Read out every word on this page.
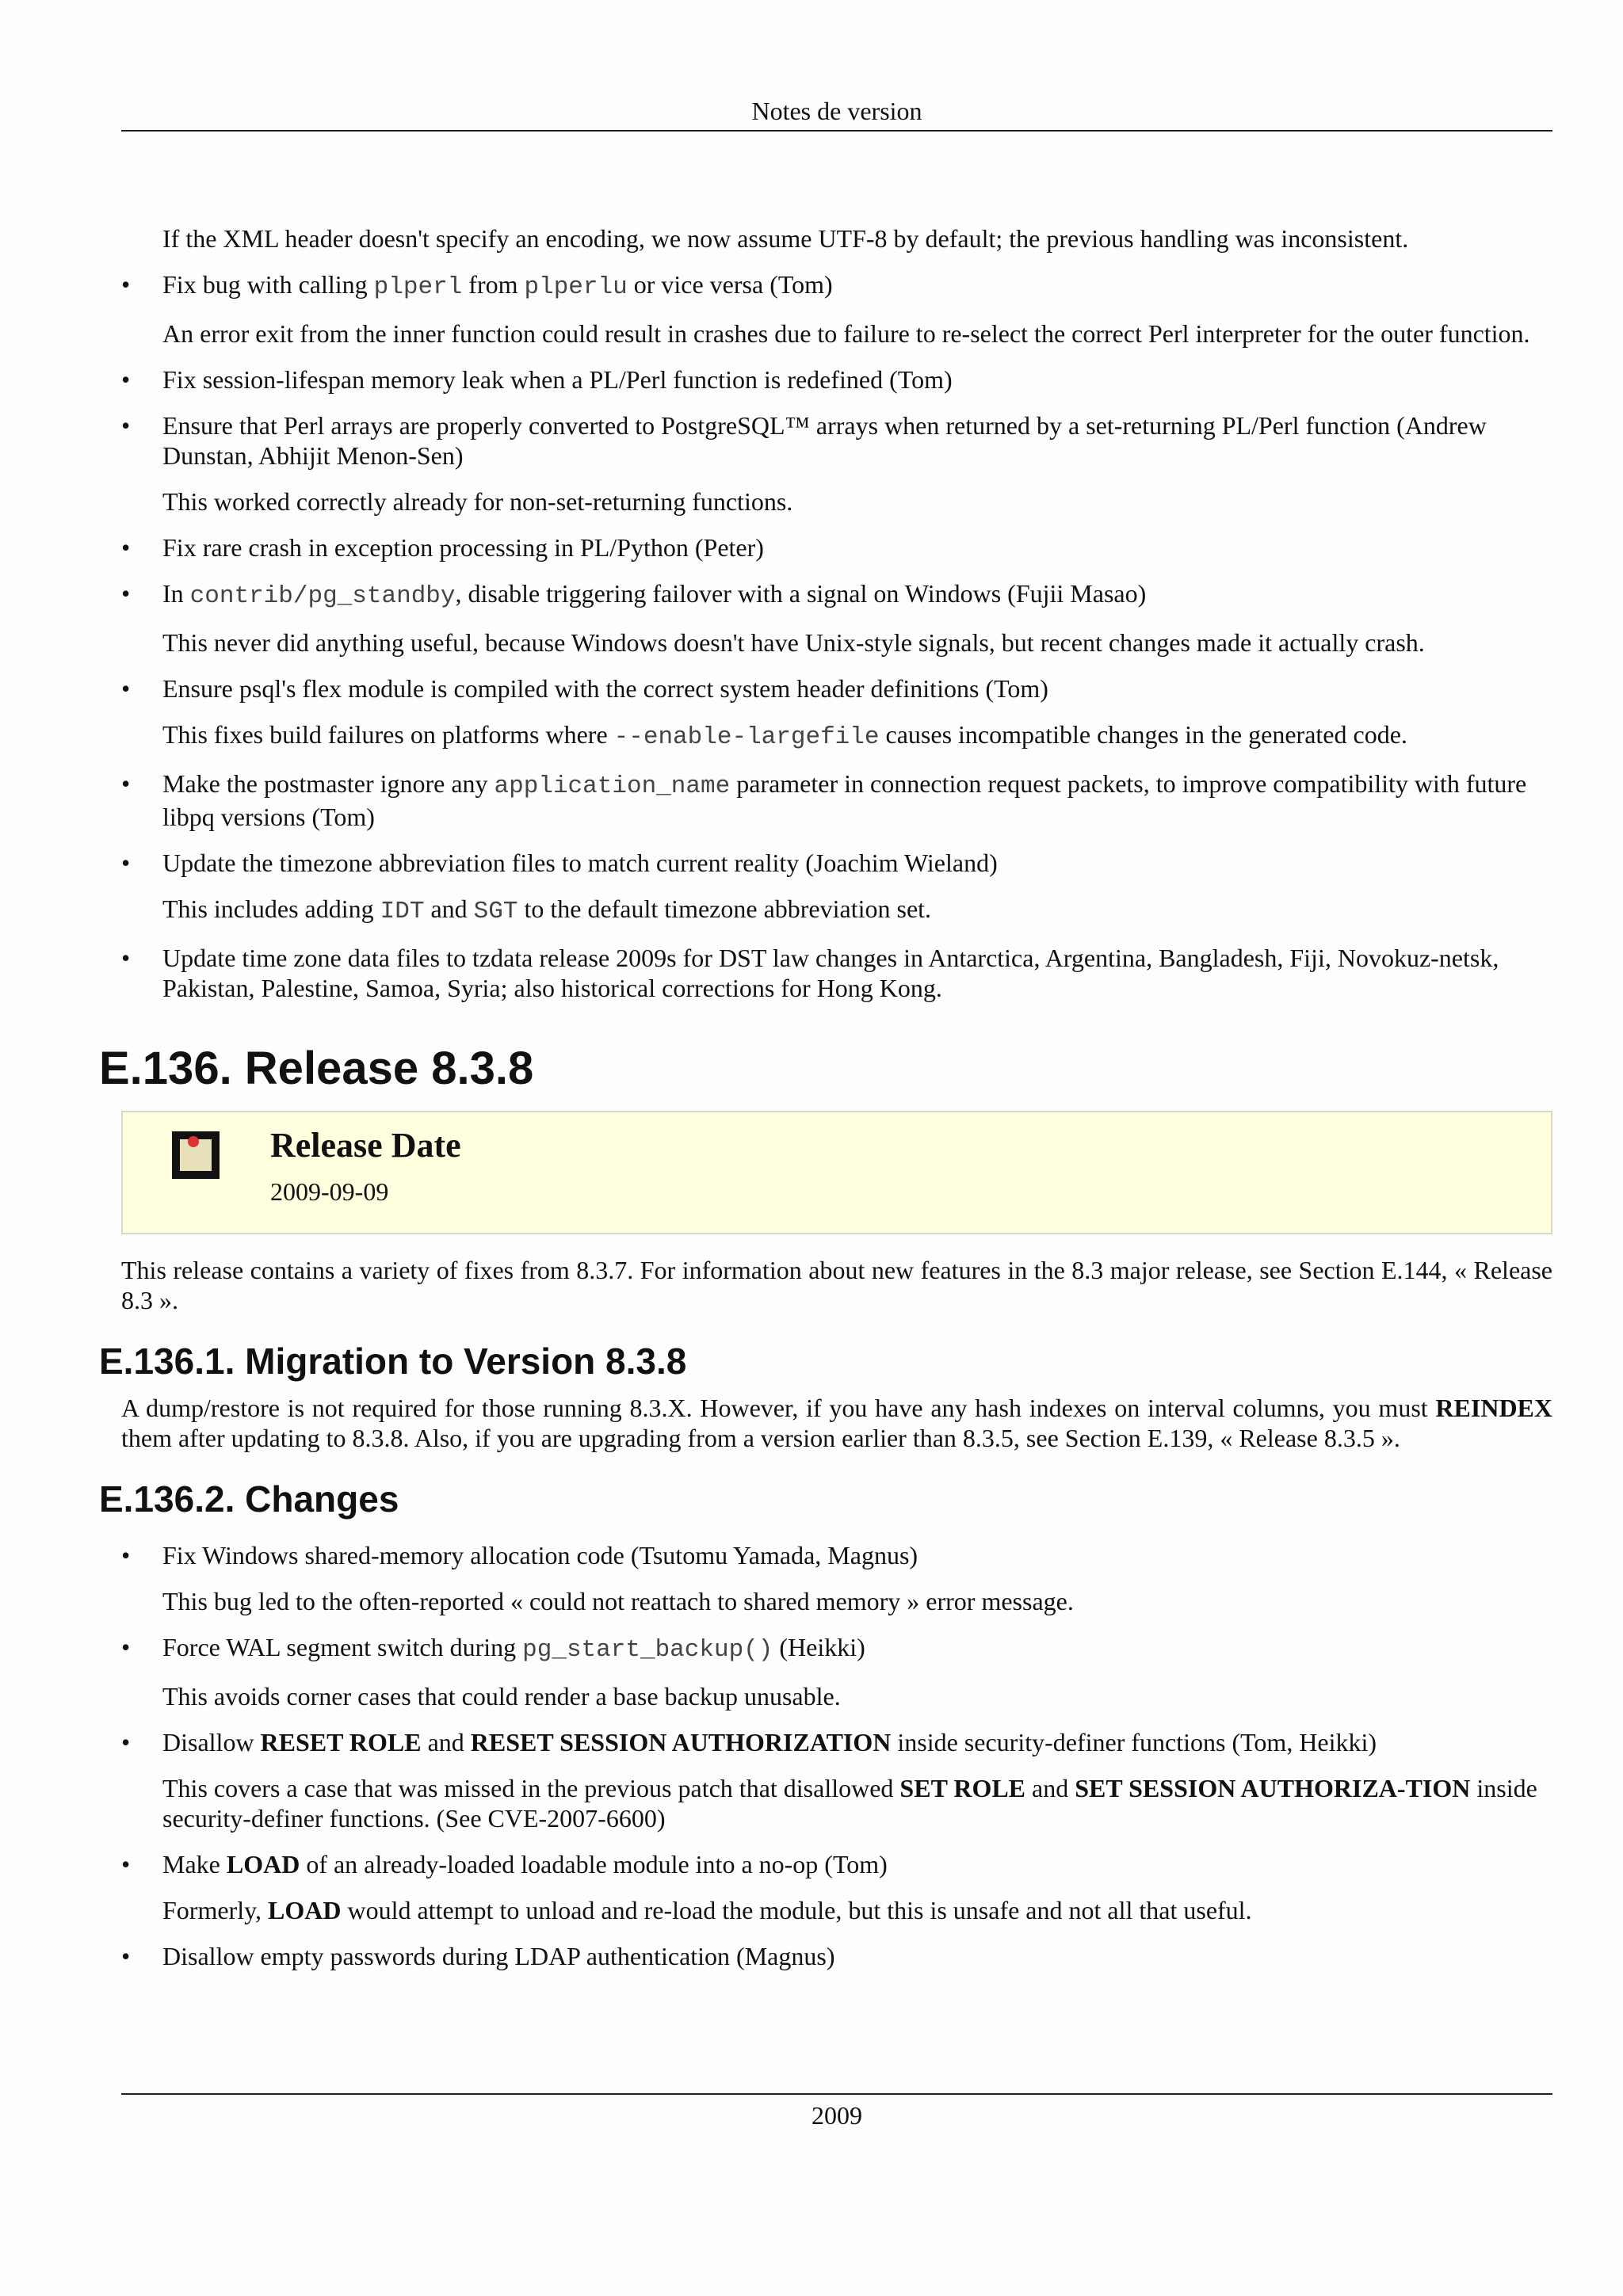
Notes de version

If the XML header doesn't specify an encoding, we now assume UTF-8 by default; the previous handling was inconsistent.

• Fix bug with calling plperl from plperlu or vice versa (Tom)
An error exit from the inner function could result in crashes due to failure to re-select the correct Perl interpreter for the outer function.
• Fix session-lifespan memory leak when a PL/Perl function is redefined (Tom)
• Ensure that Perl arrays are properly converted to PostgreSQL™ arrays when returned by a set-returning PL/Perl function (Andrew Dunstan, Abhijit Menon-Sen)
This worked correctly already for non-set-returning functions.
• Fix rare crash in exception processing in PL/Python (Peter)
• In contrib/pg_standby, disable triggering failover with a signal on Windows (Fujii Masao)
This never did anything useful, because Windows doesn't have Unix-style signals, but recent changes made it actually crash.
• Ensure psql's flex module is compiled with the correct system header definitions (Tom)
This fixes build failures on platforms where --enable-largefile causes incompatible changes in the generated code.
• Make the postmaster ignore any application_name parameter in connection request packets, to improve compatibility with future libpq versions (Tom)
• Update the timezone abbreviation files to match current reality (Joachim Wieland)
This includes adding IDT and SGT to the default timezone abbreviation set.
• Update time zone data files to tzdata release 2009s for DST law changes in Antarctica, Argentina, Bangladesh, Fiji, Novokuz-netsk, Pakistan, Palestine, Samoa, Syria; also historical corrections for Hong Kong.
E.136. Release 8.3.8
Release Date
2009-09-09

This release contains a variety of fixes from 8.3.7. For information about new features in the 8.3 major release, see Section E.144, « Release 8.3 ».

E.136.1. Migration to Version 8.3.8

A dump/restore is not required for those running 8.3.X. However, if you have any hash indexes on interval columns, you must REINDEX them after updating to 8.3.8. Also, if you are upgrading from a version earlier than 8.3.5, see Section E.139, « Release 8.3.5 ».

E.136.2. Changes
• Fix Windows shared-memory allocation code (Tsutomu Yamada, Magnus)
This bug led to the often-reported « could not reattach to shared memory » error message.
• Force WAL segment switch during pg_start_backup() (Heikki)
This avoids corner cases that could render a base backup unusable.
• Disallow RESET ROLE and RESET SESSION AUTHORIZATION inside security-definer functions (Tom, Heikki)
This covers a case that was missed in the previous patch that disallowed SET ROLE and SET SESSION AUTHORIZA-TION inside security-definer functions. (See CVE-2007-6600)
• Make LOAD of an already-loaded loadable module into a no-op (Tom)
Formerly, LOAD would attempt to unload and re-load the module, but this is unsafe and not all that useful.
• Disallow empty passwords during LDAP authentication (Magnus)
2009
